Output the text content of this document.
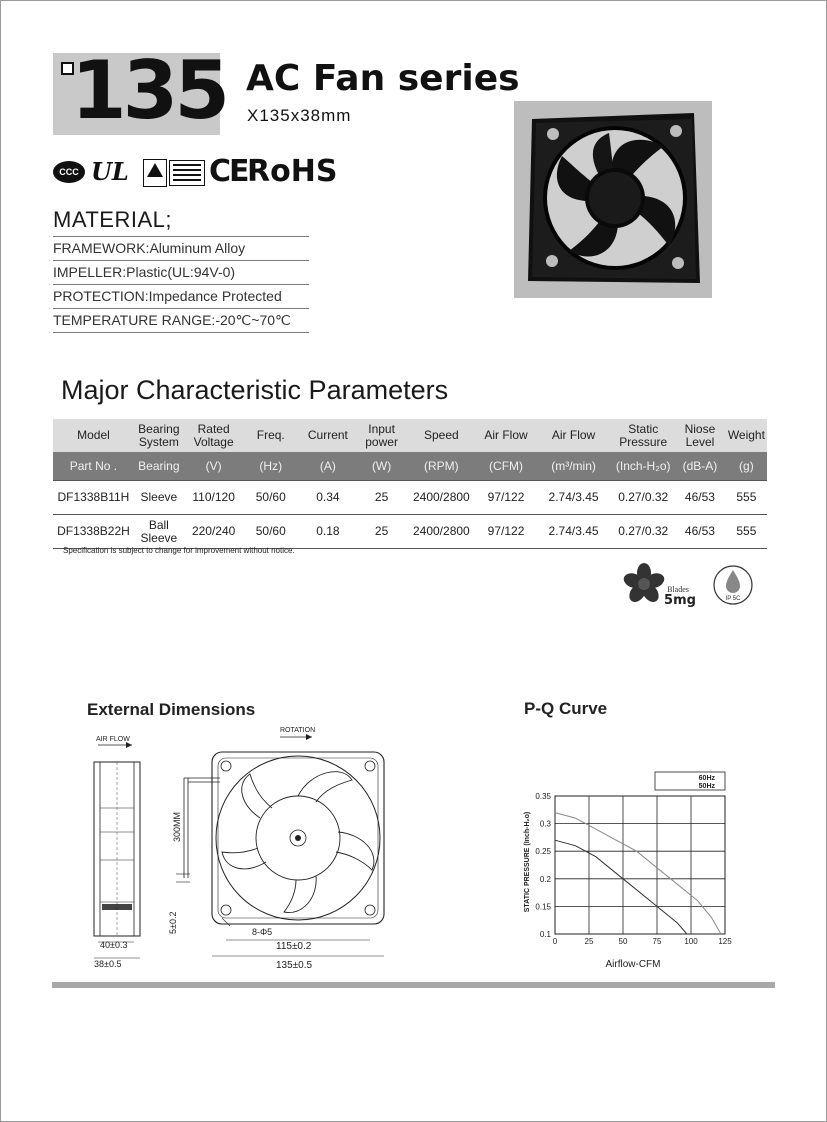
135 AC Fan series
X135x38mm
CCC UL	CE RoHS
MATERIAL;
FRAMEWORK:Aluminum Alloy
IMPELLER:Plastic(UL:94V-0)
PROTECTION:Impedance Protected
TEMPERATURE RANGE:-20℃~70℃
Major Characteristic Parameters
Model	Bearing System	Rated Voltage	Freq.	Current	Input power	Speed	Air Flow	Air Flow	Static Pressure	Niose Level	Weight
Part No .	Bearing	(V)	(Hz)	(A)	(W)	(RPM)	(CFM)	(m³/min)	(Inch-H₂o)	(dB-A)	(g)
DF1338B11H	Sleeve	110/120	50/60	0.34	25	2400/2800	97/122	2.74/3.45	0.27/0.32	46/53	555
DF1338B22H	Ball Sleeve	220/240	50/60	0.18	25	2400/2800	97/122	2.74/3.45	0.27/0.32	46/53	555
Specification is subject to change for improvement without notice.
Blades
5mg	IP 5C
External Dimensions	P-Q Curve
AIR FLOW
40±0.3
38±0.5
ROTATION
300MM
5±0.2	8-Φ5
115±0.2
135±0.5
0	25	50	75	100	125
0.1
0.15
0.2
0.25
0.3
0.35
60Hz
50Hz
STATIC PRESSURE (Inch-H₂o)
Airflow-CFM
